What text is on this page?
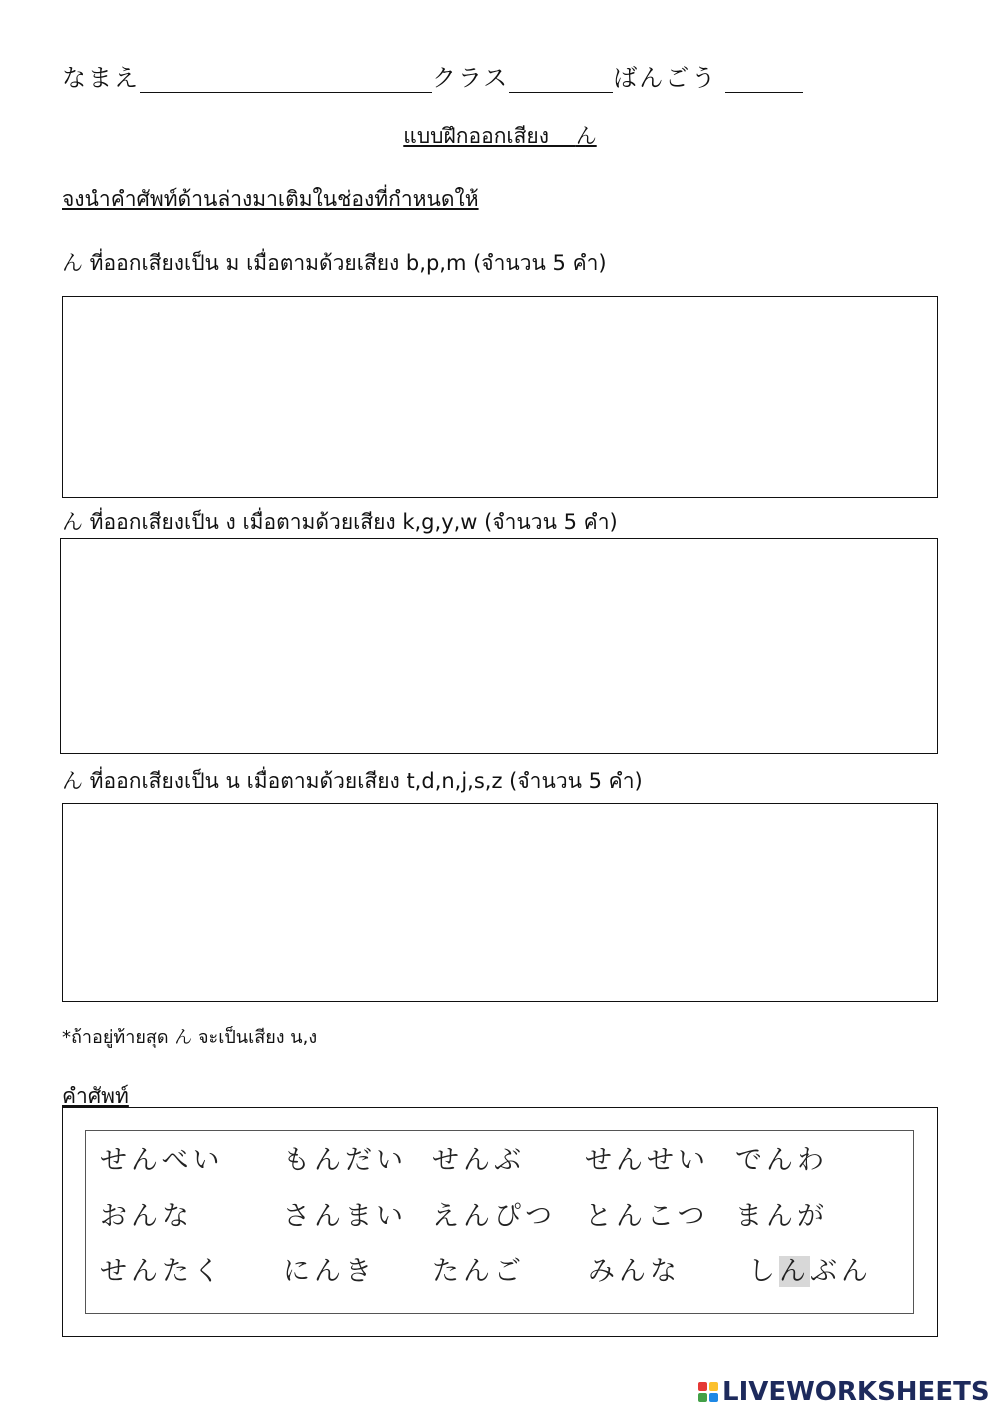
なまえ	クラス	ばんごう
แบบฝึกออกเสียง ん
จงนำคำศัพท์ด้านล่างมาเติมในช่องที่กำหนดให้
ん ที่ออกเสียงเป็น ม เมื่อตามด้วยเสียง b,p,m (จำนวน 5 คำ)
ん ที่ออกเสียงเป็น ง เมื่อตามด้วยเสียง k,g,y,w (จำนวน 5 คำ)
ん ที่ออกเสียงเป็น น เมื่อตามด้วยเสียง t,d,n,j,s,z (จำนวน 5 คำ)
*ถ้าอยู่ท้ายสุด ん จะเป็นเสียง น,ง
คำศัพท์
せんべい もんだい せんぶ せんせい でんわ
おんな	さんまい えんぴつ とんこつ まんが
せんたく にんき たんご みんな しんぶん
LIVEWORKSHEETS
